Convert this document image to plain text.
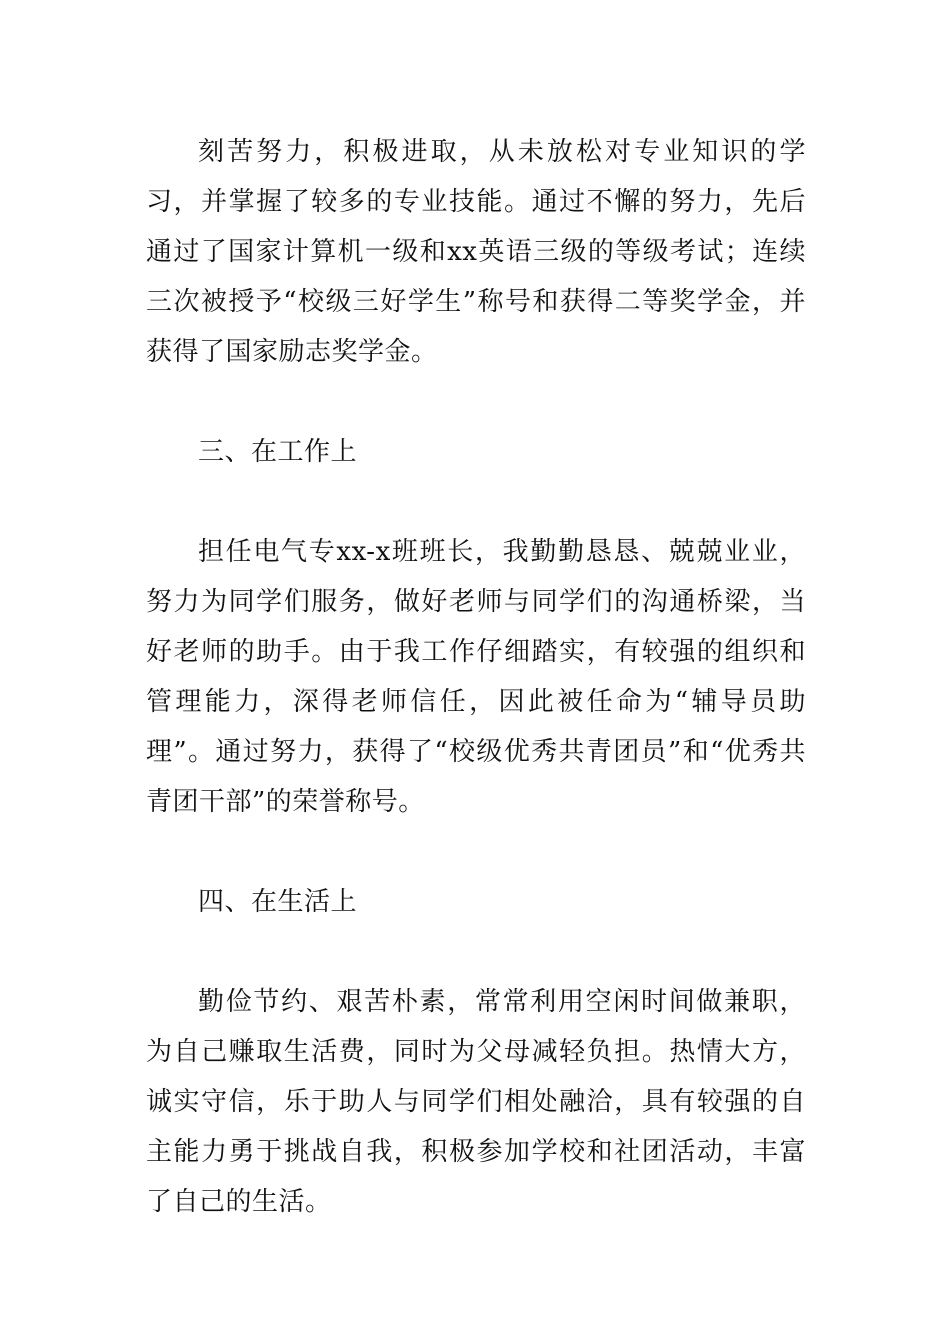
刻苦努力，积极进取，从未放松对专业知识的学习，并掌握了较多的专业技能。通过不懈的努力，先后通过了国家计算机一级和xx英语三级的等级考试；连续三次被授予“校级三好学生”称号和获得二等奖学金，并获得了国家励志奖学金。

三、在工作上

担任电气专xx-x班班长，我勤勤恳恳、兢兢业业，努力为同学们服务，做好老师与同学们的沟通桥梁，当好老师的助手。由于我工作仔细踏实，有较强的组织和管理能力，深得老师信任，因此被任命为“辅导员助理”。通过努力，获得了“校级优秀共青团员”和“优秀共青团干部”的荣誉称号。

四、在生活上

勤俭节约、艰苦朴素，常常利用空闲时间做兼职，为自己赚取生活费，同时为父母减轻负担。热情大方，诚实守信，乐于助人与同学们相处融洽，具有较强的自主能力勇于挑战自我，积极参加学校和社团活动，丰富了自己的生活。
